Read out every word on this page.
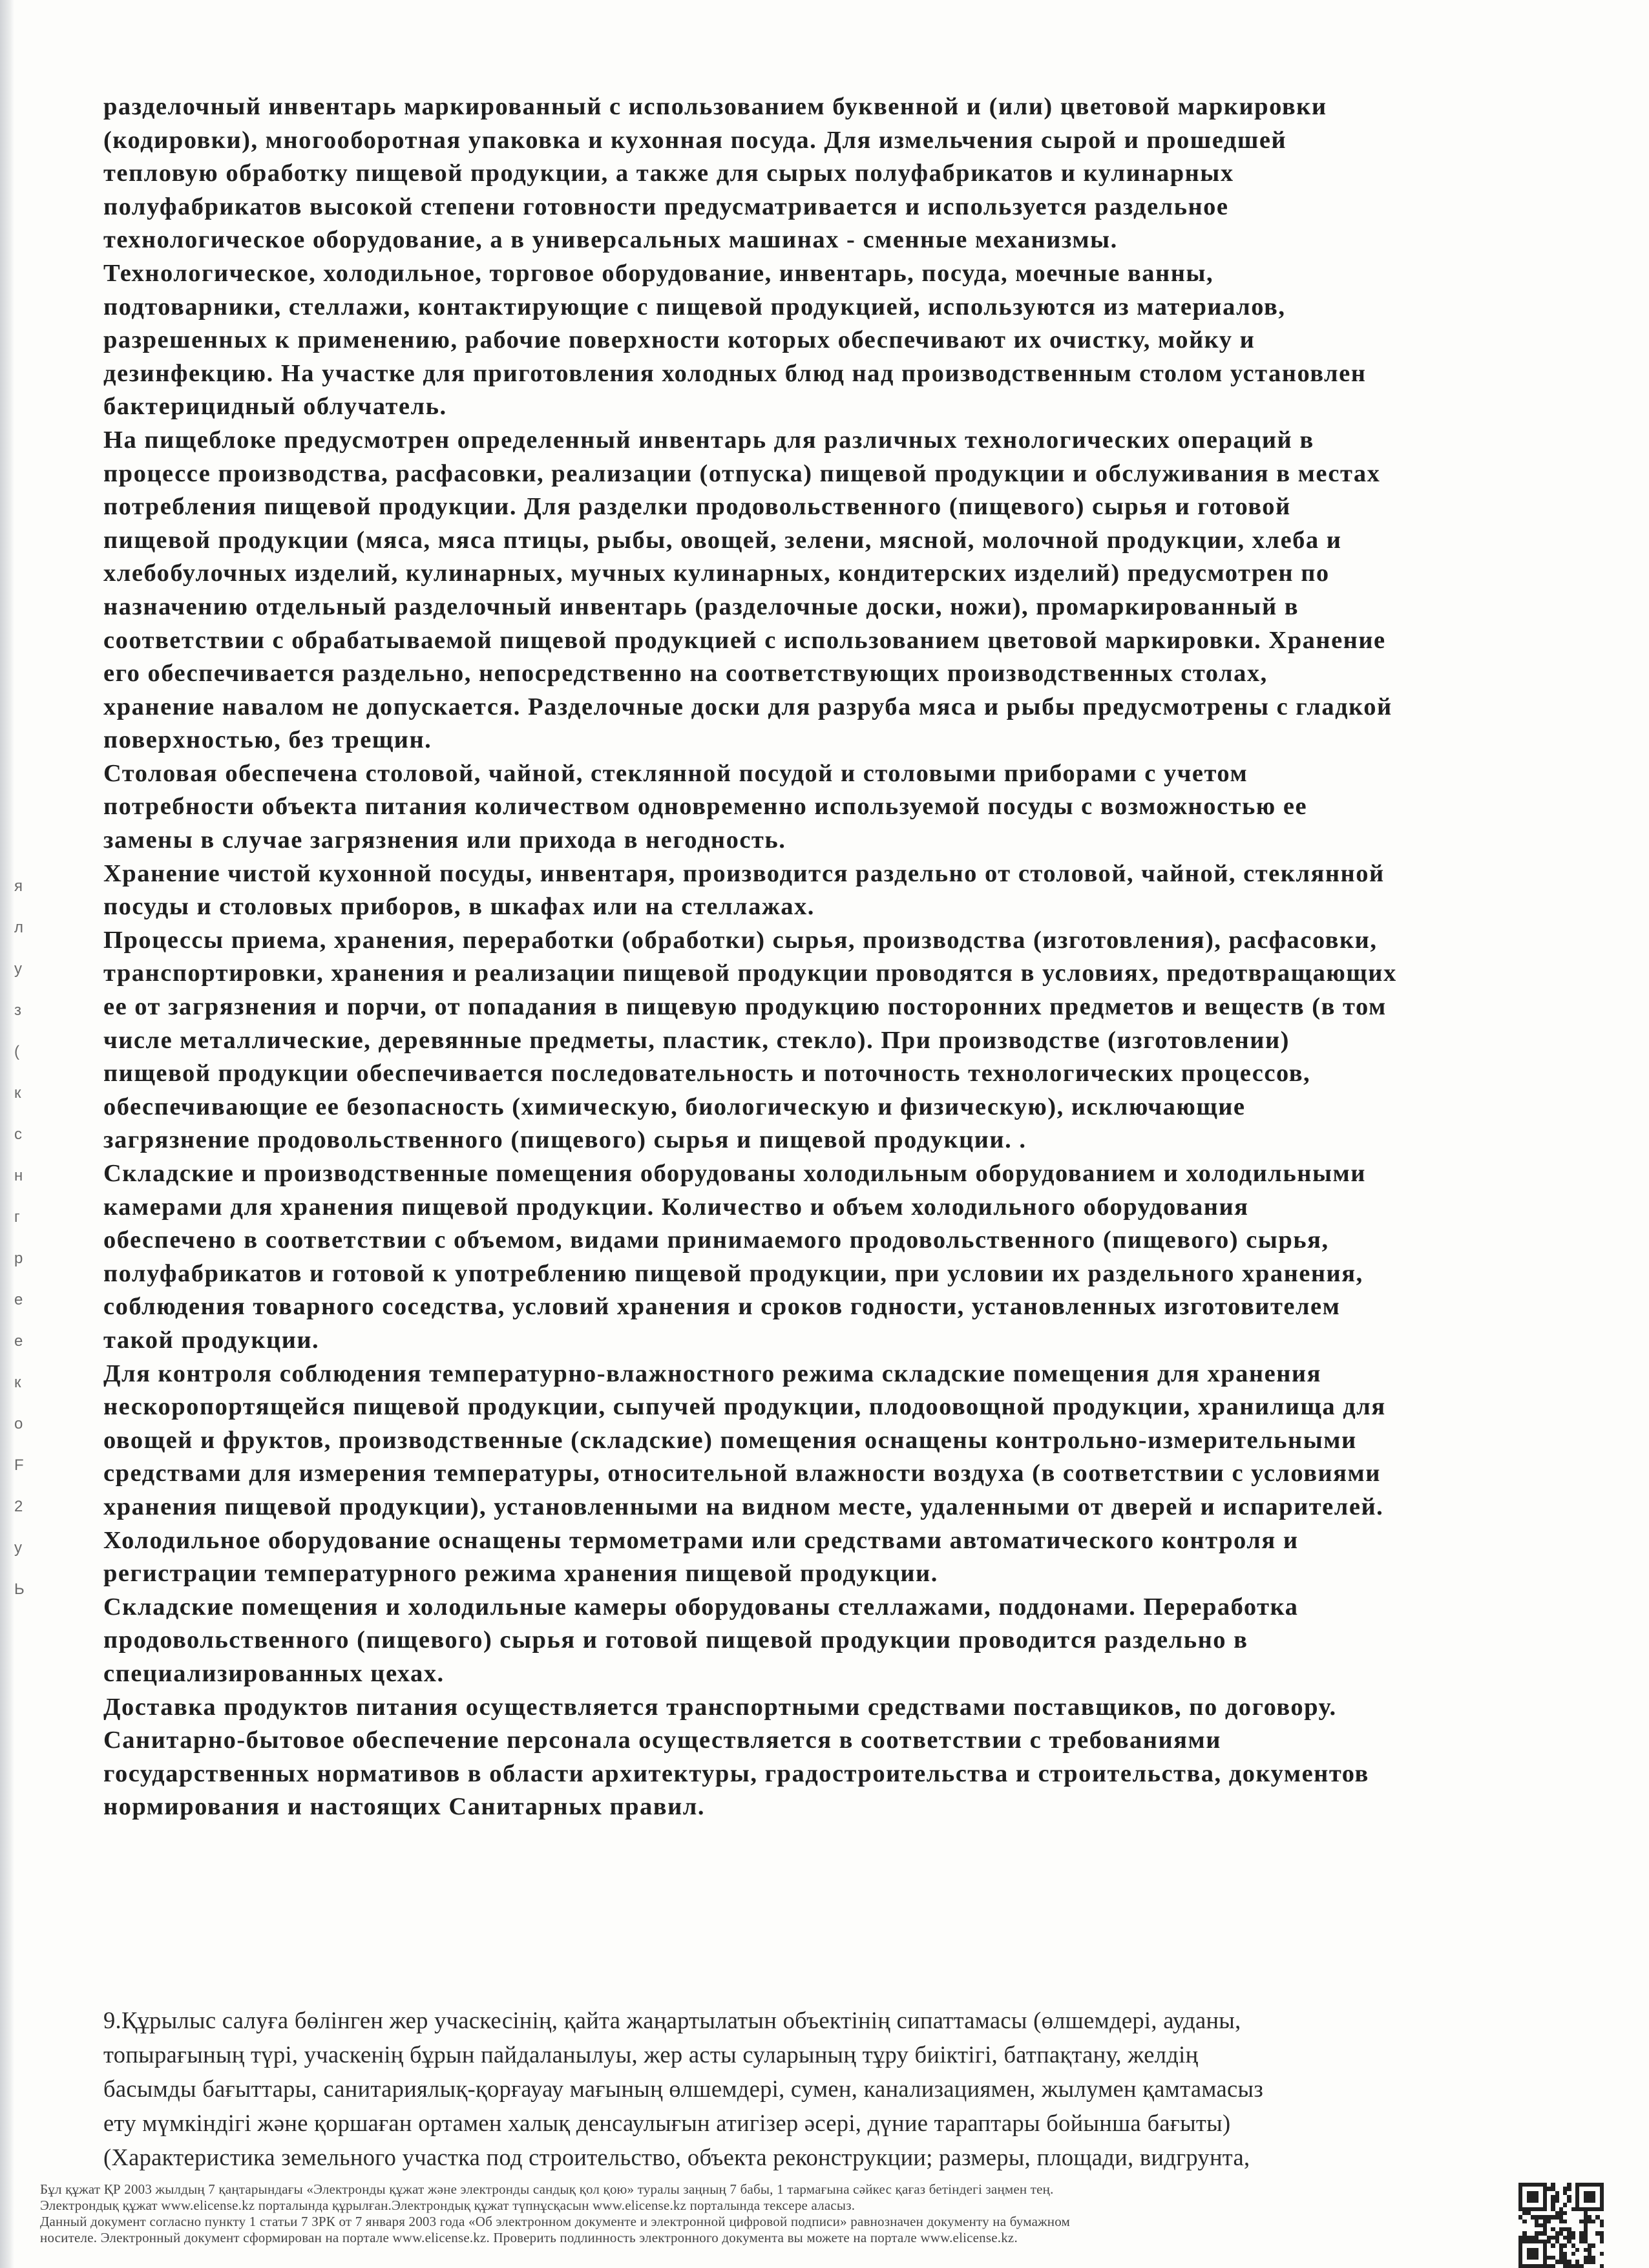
я
л
у
з
(
к
с
н
г
р
е
е
к
о
F
2
у
Ь
разделочный инвентарь маркированный с использованием буквенной и (или) цветовой маркировки
(кодировки), многооборотная упаковка и кухонная посуда. Для измельчения сырой и прошедшей
тепловую обработку пищевой продукции, а также для сырых полуфабрикатов и кулинарных
полуфабрикатов высокой степени готовности предусматривается и используется раздельное
технологическое оборудование, а в универсальных машинах - сменные механизмы.
Технологическое, холодильное, торговое оборудование, инвентарь, посуда, моечные ванны,
подтоварники, стеллажи, контактирующие с пищевой продукцией, используются из материалов,
разрешенных к применению, рабочие поверхности которых обеспечивают их очистку, мойку и
дезинфекцию. На участке для приготовления холодных блюд над производственным столом установлен
бактерицидный облучатель.
На пищеблоке предусмотрен определенный инвентарь для различных технологических операций в
процессе производства, расфасовки, реализации (отпуска) пищевой продукции и обслуживания в местах
потребления пищевой продукции. Для разделки продовольственного (пищевого) сырья и готовой
пищевой продукции (мяса, мяса птицы, рыбы, овощей, зелени, мясной, молочной продукции, хлеба и
хлебобулочных изделий, кулинарных, мучных кулинарных, кондитерских изделий) предусмотрен по
назначению отдельный разделочный инвентарь (разделочные доски, ножи), промаркированный в
соответствии с обрабатываемой пищевой продукцией с использованием цветовой маркировки. Хранение
его обеспечивается раздельно, непосредственно на соответствующих производственных столах,
хранение навалом не допускается. Разделочные доски для разруба мяса и рыбы предусмотрены с гладкой
поверхностью, без трещин.
Столовая обеспечена столовой, чайной, стеклянной посудой и столовыми приборами с учетом
потребности объекта питания количеством одновременно используемой посуды с возможностью ее
замены в случае загрязнения или прихода в негодность.
Хранение чистой кухонной посуды, инвентаря, производится раздельно от столовой, чайной, стеклянной
посуды и столовых приборов, в шкафах или на стеллажах.
Процессы приема, хранения, переработки (обработки) сырья, производства (изготовления), расфасовки,
транспортировки, хранения и реализации пищевой продукции проводятся в условиях, предотвращающих
ее от загрязнения и порчи, от попадания в пищевую продукцию посторонних предметов и веществ (в том
числе металлические, деревянные предметы, пластик, стекло). При производстве (изготовлении)
пищевой продукции обеспечивается последовательность и поточность технологических процессов,
обеспечивающие ее безопасность (химическую, биологическую и физическую), исключающие
загрязнение продовольственного (пищевого) сырья и пищевой продукции. .
Складские и производственные помещения оборудованы холодильным оборудованием и холодильными
камерами для хранения пищевой продукции. Количество и объем холодильного оборудования
обеспечено в соответствии с объемом, видами принимаемого продовольственного (пищевого) сырья,
полуфабрикатов и готовой к употреблению пищевой продукции, при условии их раздельного хранения,
соблюдения товарного соседства, условий хранения и сроков годности, установленных изготовителем
такой продукции.
Для контроля соблюдения температурно-влажностного режима складские помещения для хранения
нескоропортящейся пищевой продукции, сыпучей продукции, плодоовощной продукции, хранилища для
овощей и фруктов, производственные (складские) помещения оснащены контрольно-измерительными
средствами для измерения температуры, относительной влажности воздуха (в соответствии с условиями
хранения пищевой продукции), установленными на видном месте, удаленными от дверей и испарителей.
Холодильное оборудование оснащены термометрами или средствами автоматического контроля и
регистрации температурного режима хранения пищевой продукции.
Складские помещения и холодильные камеры оборудованы стеллажами, поддонами. Переработка
продовольственного (пищевого) сырья и готовой пищевой продукции проводится раздельно в
специализированных цехах.
Доставка продуктов питания осуществляется транспортными средствами поставщиков, по договору.
Санитарно-бытовое обеспечение персонала осуществляется в соответствии с требованиями
государственных нормативов в области архитектуры, градостроительства и строительства, документов
нормирования и настоящих Санитарных правил.
9.Құрылыс салуға бөлінген жер учаскесінің, қайта жаңартылатын объектінің сипаттамасы (өлшемдері, ауданы,
топырағының түрі, учаскенің бұрын пайдаланылуы, жер асты суларының тұру биіктігі, батпақтану, желдің
басымды бағыттары, санитариялық-қорғауау мағының өлшемдері, сумен, канализациямен, жылумен қамтамасыз
ету мүмкіндігі және қоршаған ортамен халық денсаулығын атигізер әсері, дүние тараптары бойынша бағыты)
(Характеристика земельного участка под строительство, объекта реконструкции; размеры, площади, видгрунта,
Бұл құжат ҚР 2003 жылдың 7 қаңтарындағы «Электронды құжат және электронды сандық қол қою» туралы заңның 7 бабы, 1 тармағына сәйкес қағаз бетіндегі заңмен тең.
Электрондық құжат www.elicense.kz порталында құрылған.Электрондық құжат түпнұсқасын www.elicense.kz порталында тексере аласыз.
Данный документ согласно пункту 1 статьи 7 ЗРК от 7 января 2003 года «Об электронном документе и электронной цифровой подписи» равнозначен документу на бумажном
носителе. Электронный документ сформирован на портале www.elicense.kz. Проверить подлинность электронного документа вы можете на портале www.elicense.kz.
